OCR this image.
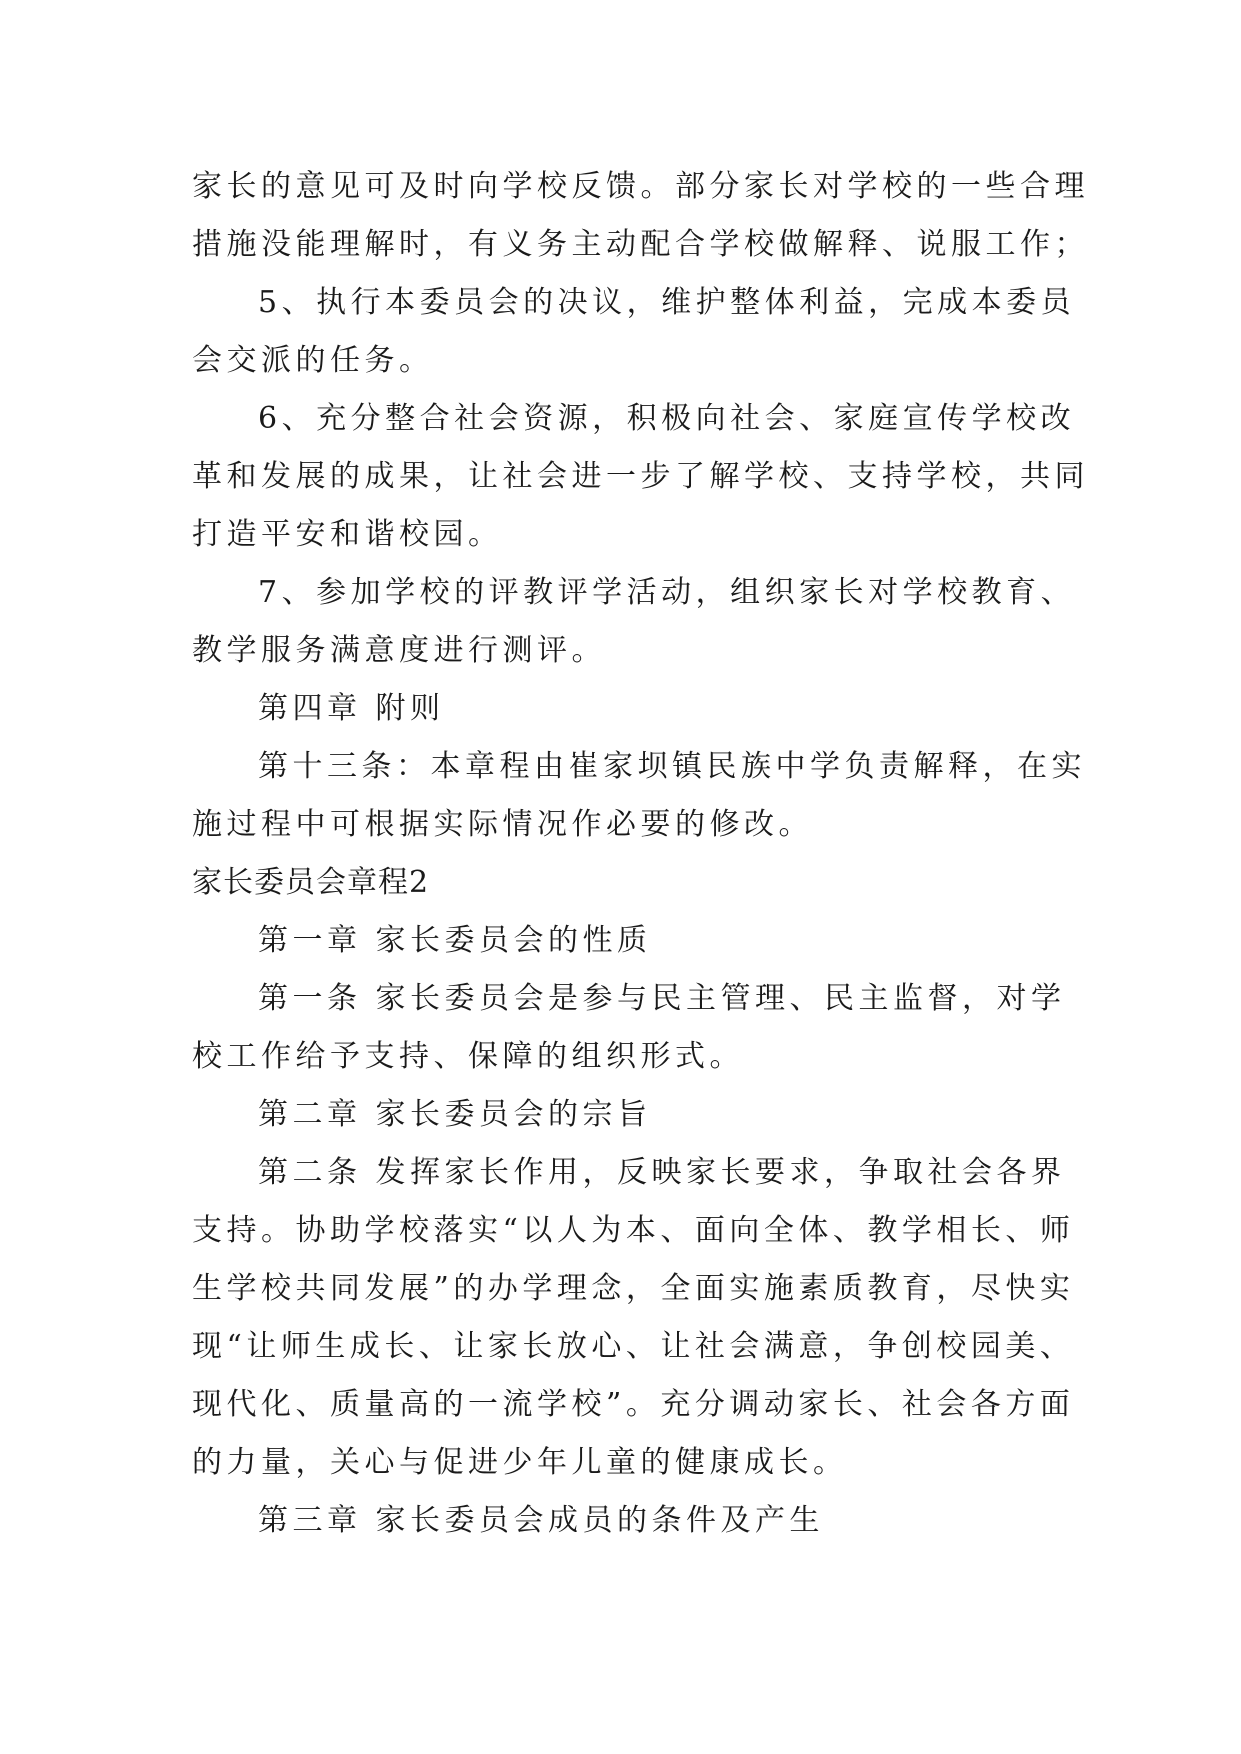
家长的意见可及时向学校反馈。部分家长对学校的一些合理
措施没能理解时，有义务主动配合学校做解释、说服工作；
5、执行本委员会的决议，维护整体利益，完成本委员
会交派的任务。
6、充分整合社会资源，积极向社会、家庭宣传学校改
革和发展的成果，让社会进一步了解学校、支持学校，共同
打造平安和谐校园。
7、参加学校的评教评学活动，组织家长对学校教育、
教学服务满意度进行测评。
第四章 附则
第十三条：本章程由崔家坝镇民族中学负责解释，在实
施过程中可根据实际情况作必要的修改。
家长委员会章程2
第一章 家长委员会的性质
第一条 家长委员会是参与民主管理、民主监督，对学
校工作给予支持、保障的组织形式。
第二章 家长委员会的宗旨
第二条 发挥家长作用，反映家长要求，争取社会各界
支持。协助学校落实“以人为本、面向全体、教学相长、师
生学校共同发展”的办学理念，全面实施素质教育，尽快实
现“让师生成长、让家长放心、让社会满意，争创校园美、
现代化、质量高的一流学校”。充分调动家长、社会各方面
的力量，关心与促进少年儿童的健康成长。
第三章 家长委员会成员的条件及产生
